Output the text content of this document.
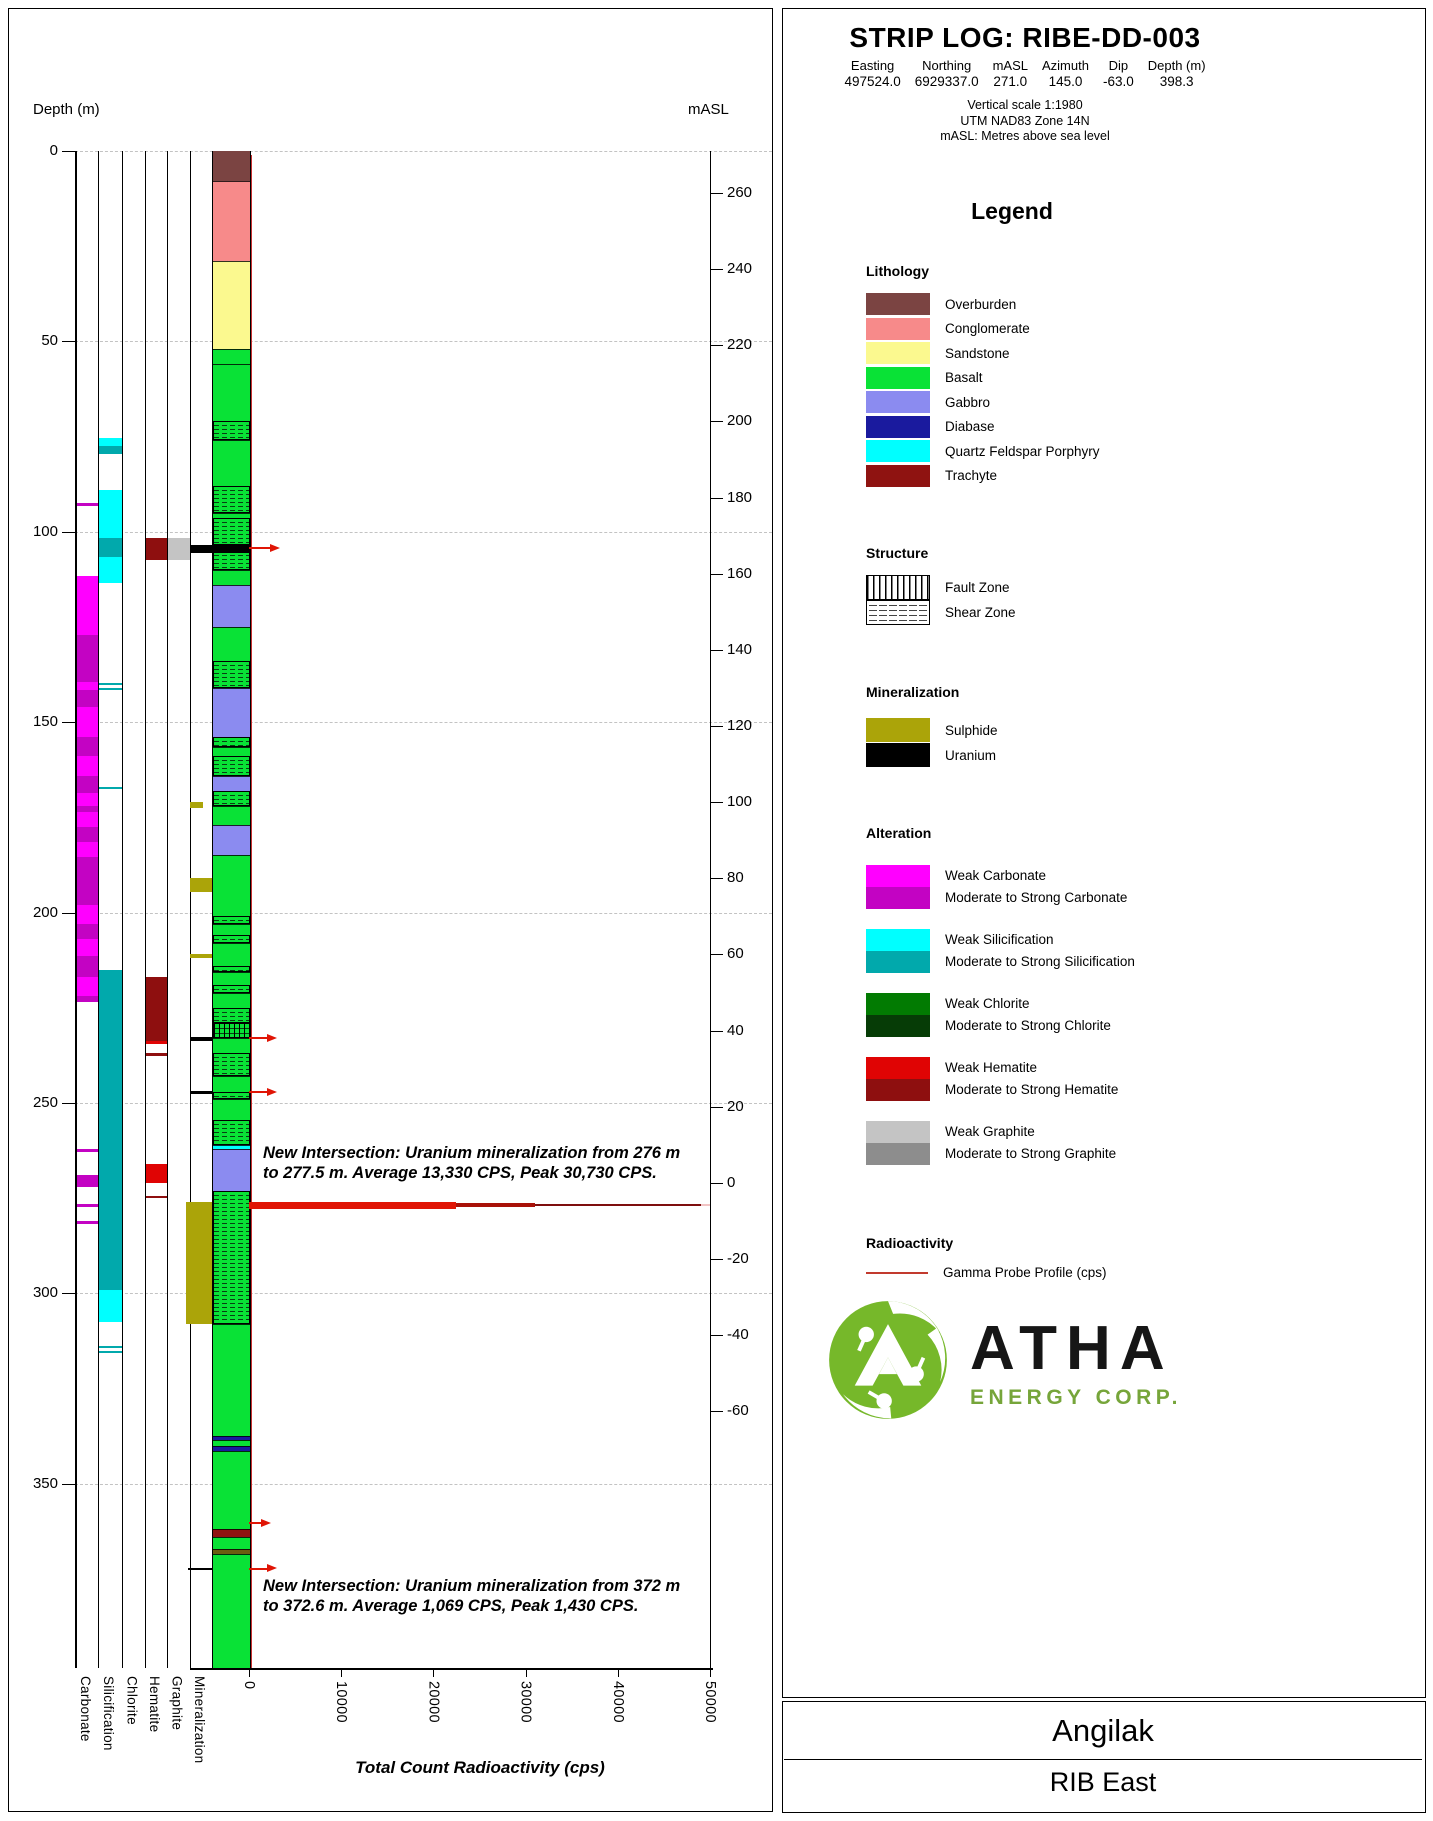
Depth (m)	mASL
0
50
100
150
200
250
300
350
260
240
220
200
180
160
140
120
100
80
60
40
20
0
-20
-40
-60
Carbonate Silicification Chlorite Hematite Graphite Mineralization 0	10000	20000	30000	40000	50000
Total Count Radioactivity (cps)
New Intersection: Uranium mineralization from 276 m
to 277.5 m. Average 13,330 CPS, Peak 30,730 CPS.
New Intersection: Uranium mineralization from 372 m
to 372.6 m. Average 1,069 CPS, Peak 1,430 CPS.
STRIP LOG: RIBE-DD-003
Easting
497524.0
Northing
6929337.0
mASL
271.0
Azimuth
145.0
Dip
-63.0
Depth (m)
398.3
Vertical scale 1:1980
UTM NAD83 Zone 14N
mASL: Metres above sea level
Legend
Lithology
Overburden
Conglomerate
Sandstone
Basalt
Gabbro
Diabase
Quartz Feldspar Porphyry
Trachyte
Structure
Fault Zone
Shear Zone
Mineralization
Sulphide
Uranium
Alteration
Weak Carbonate
Moderate to Strong Carbonate
Weak Silicification
Moderate to Strong Silicification
Weak Chlorite
Moderate to Strong Chlorite
Weak Hematite
Moderate to Strong Hematite
Weak Graphite
Moderate to Strong Graphite
Radioactivity
Gamma Probe Profile (cps)
ATHA
ENERGY CORP.
Angilak
RIB East
